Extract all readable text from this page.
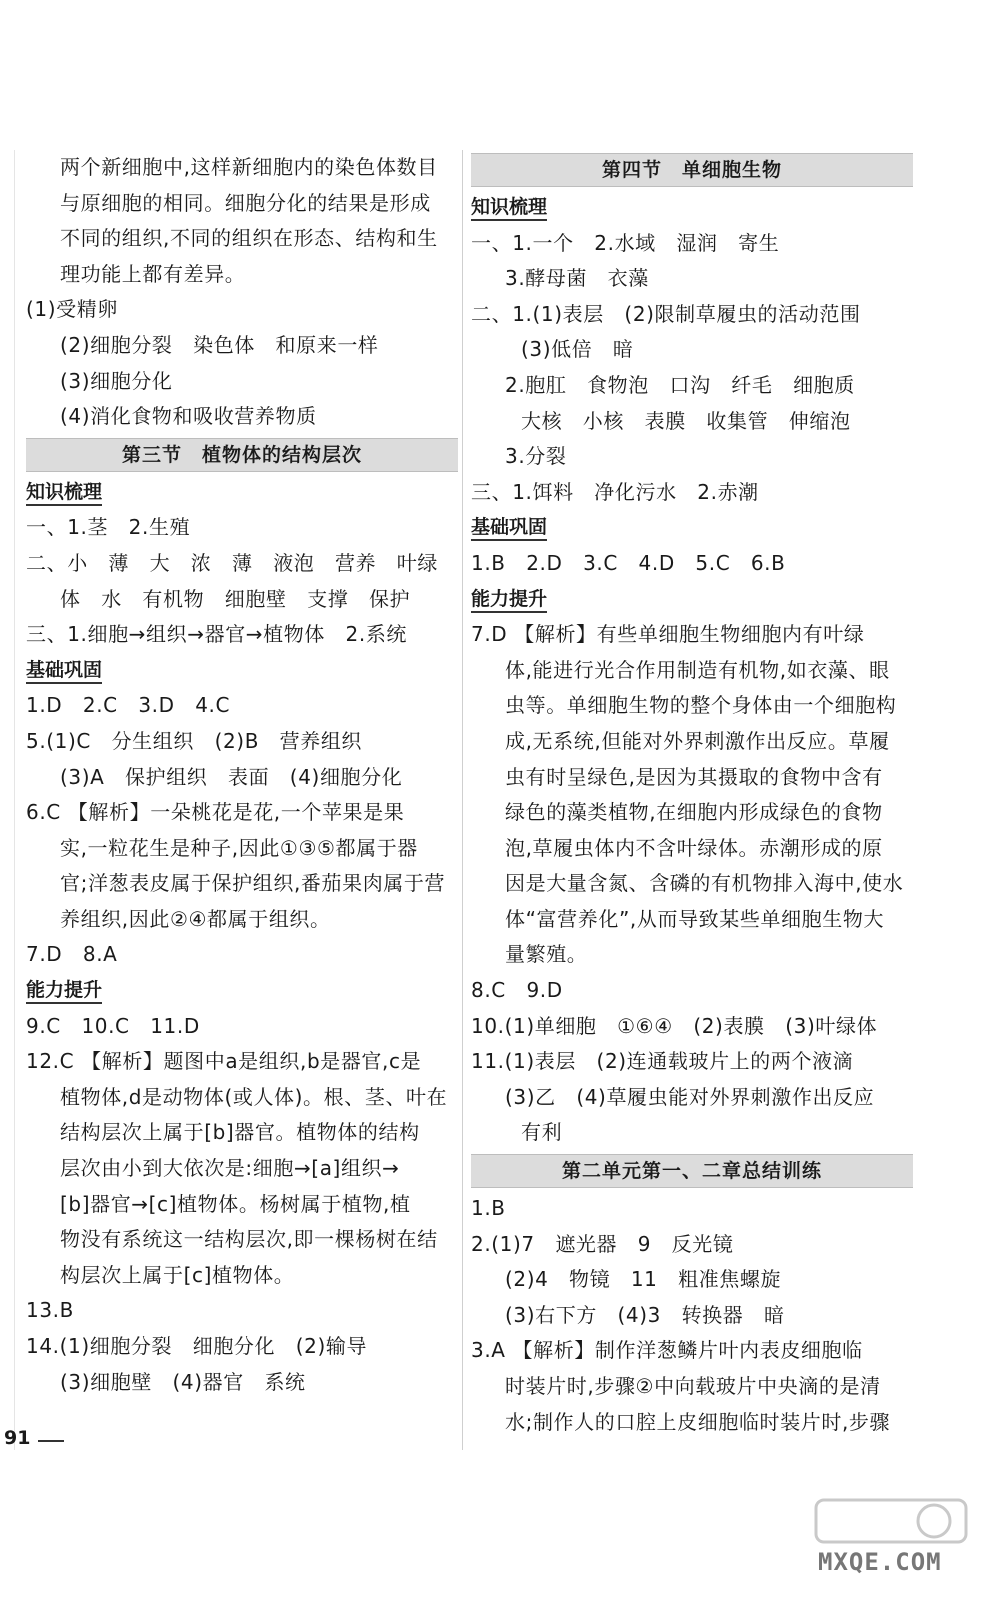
两个新细胞中,这样新细胞内的染色体数目
与原细胞的相同。细胞分化的结果是形成
不同的组织,不同的组织在形态、结构和生
理功能上都有差异。
(1)受精卵
(2)细胞分裂　染色体　和原来一样
(3)细胞分化
(4)消化食物和吸收营养物质
第三节　植物体的结构层次
知识梳理
一、1.茎　2.生殖
二、小　薄　大　浓　薄　液泡　营养　叶绿
体　水　有机物　细胞壁　支撑　保护
三、1.细胞→组织→器官→植物体　2.系统
基础巩固
1.D　2.C　3.D　4.C
5.(1)C　分生组织　(2)B　营养组织
(3)A　保护组织　表面　(4)细胞分化
6.C 【解析】一朵桃花是花,一个苹果是果
实,一粒花生是种子,因此①③⑤都属于器
官;洋葱表皮属于保护组织,番茄果肉属于营
养组织,因此②④都属于组织。
7.D　8.A
能力提升
9.C　10.C　11.D
12.C 【解析】题图中a是组织,b是器官,c是
植物体,d是动物体(或人体)。根、茎、叶在
结构层次上属于[b]器官。植物体的结构
层次由小到大依次是:细胞→[a]组织→
[b]器官→[c]植物体。杨树属于植物,植
物没有系统这一结构层次,即一棵杨树在结
构层次上属于[c]植物体。
13.B
14.(1)细胞分裂　细胞分化　(2)输导
(3)细胞壁　(4)器官　系统
第四节　单细胞生物
知识梳理
一、1.一个　2.水域　湿润　寄生
3.酵母菌　衣藻
二、1.(1)表层　(2)限制草履虫的活动范围
(3)低倍　暗
2.胞肛　食物泡　口沟　纤毛　细胞质
大核　小核　表膜　收集管　伸缩泡
3.分裂
三、1.饵料　净化污水　2.赤潮
基础巩固
1.B　2.D　3.C　4.D　5.C　6.B
能力提升
7.D 【解析】有些单细胞生物细胞内有叶绿
体,能进行光合作用制造有机物,如衣藻、眼
虫等。单细胞生物的整个身体由一个细胞构
成,无系统,但能对外界刺激作出反应。草履
虫有时呈绿色,是因为其摄取的食物中含有
绿色的藻类植物,在细胞内形成绿色的食物
泡,草履虫体内不含叶绿体。赤潮形成的原
因是大量含氮、含磷的有机物排入海中,使水
体“富营养化”,从而导致某些单细胞生物大
量繁殖。
8.C　9.D
10.(1)单细胞　①⑥④　(2)表膜　(3)叶绿体
11.(1)表层　(2)连通载玻片上的两个液滴
(3)乙　(4)草履虫能对外界刺激作出反应
有利
第二单元第一、二章总结训练
1.B
2.(1)7　遮光器　9　反光镜
(2)4　物镜　11　粗准焦螺旋
(3)右下方　(4)3　转换器　暗
3.A 【解析】制作洋葱鳞片叶内表皮细胞临
时装片时,步骤②中向载玻片中央滴的是清
水;制作人的口腔上皮细胞临时装片时,步骤
91
MXQE.COM
